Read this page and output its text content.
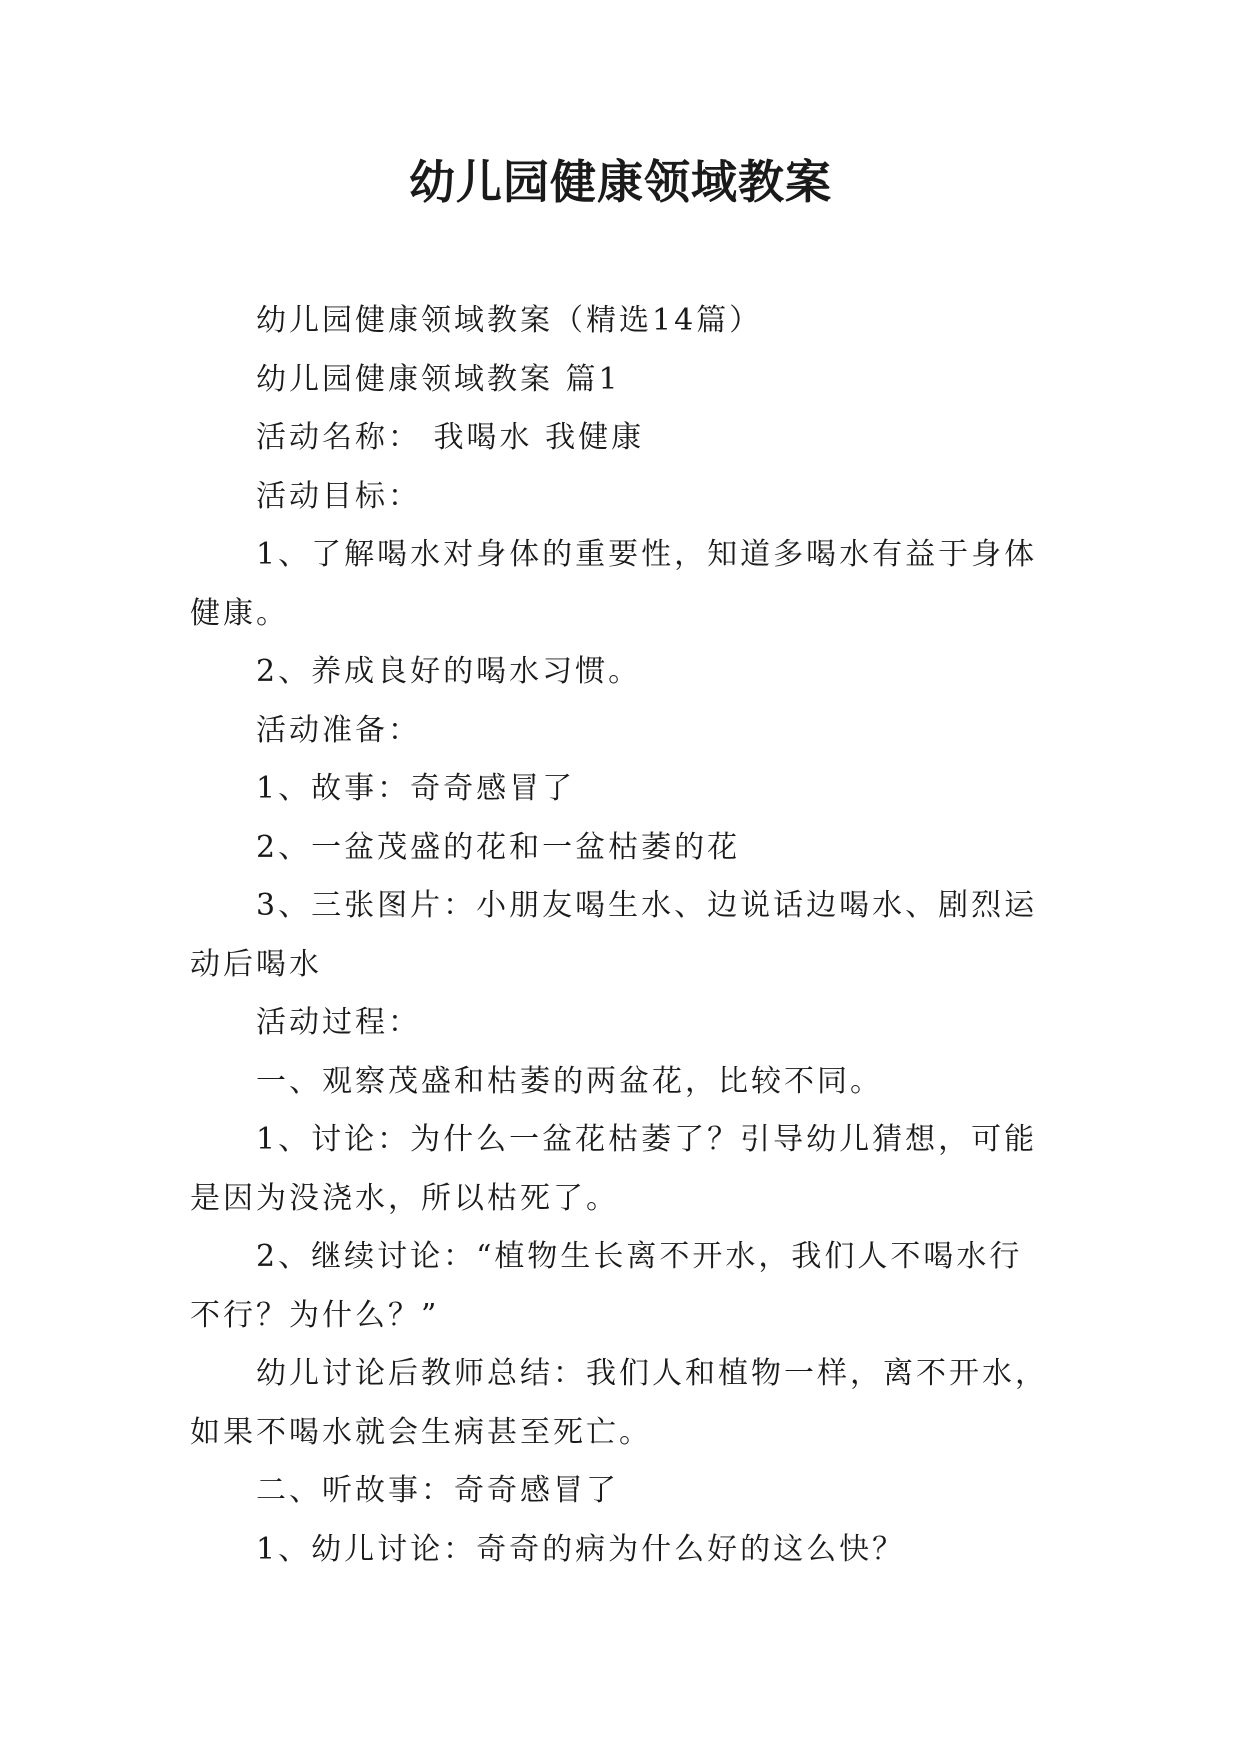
幼儿园健康领域教案

幼儿园健康领域教案（精选14篇）

幼儿园健康领域教案 篇1

活动名称： 我喝水 我健康

活动目标：

1、了解喝水对身体的重要性，知道多喝水有益于身体健康。

2、养成良好的喝水习惯。

活动准备：

1、故事：奇奇感冒了

2、一盆茂盛的花和一盆枯萎的花

3、三张图片：小朋友喝生水、边说话边喝水、剧烈运动后喝水

活动过程：

一、观察茂盛和枯萎的两盆花，比较不同。

1、讨论：为什么一盆花枯萎了？引导幼儿猜想，可能是因为没浇水，所以枯死了。

2、继续讨论：“植物生长离不开水，我们人不喝水行不行？为什么？”

幼儿讨论后教师总结：我们人和植物一样，离不开水，如果不喝水就会生病甚至死亡。

二、听故事：奇奇感冒了

1、幼儿讨论：奇奇的病为什么好的这么快？
